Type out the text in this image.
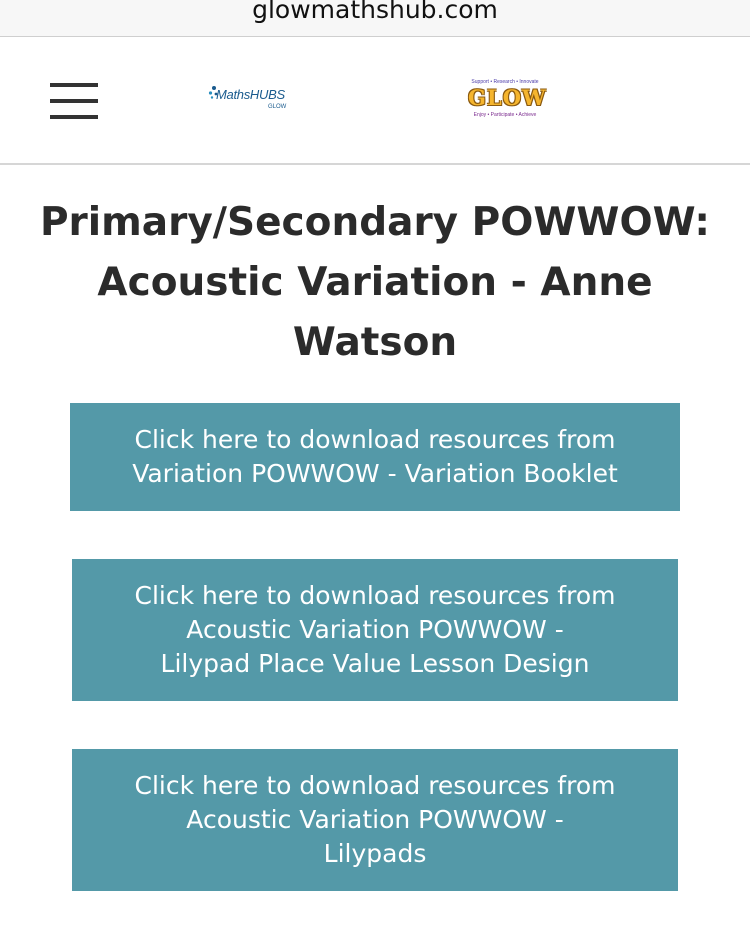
glowmathshub.com
MathsHUBS
GLOW
Support • Research • Innovate
GLOW
Enjoy • Participate • Achieve
Primary/Secondary POWWOW: Acoustic Variation - Anne Watson
Click here to download resources from
Variation POWWOW - Variation Booklet
Click here to download resources from
Acoustic Variation POWWOW -
Lilypad Place Value Lesson Design
Click here to download resources from
Acoustic Variation POWWOW -
Lilypads
